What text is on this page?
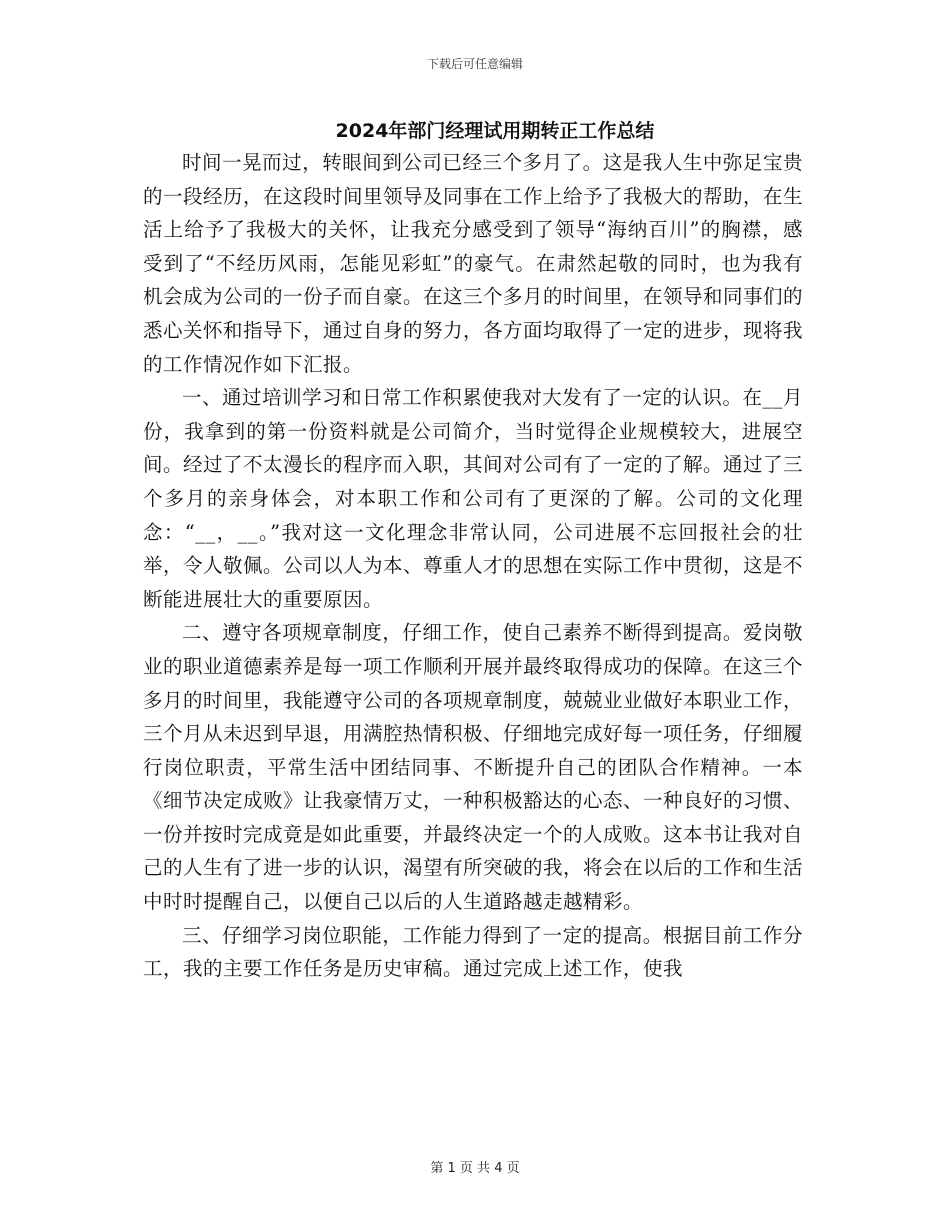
下载后可任意编辑
2024年部门经理试用期转正工作总结

时间一晃而过，转眼间到公司已经三个多月了。这是我人生中弥足宝贵的一段经历，在这段时间里领导及同事在工作上给予了我极大的帮助，在生活上给予了我极大的关怀，让我充分感受到了领导“海纳百川”的胸襟，感受到了“不经历风雨，怎能见彩虹”的豪气。在肃然起敬的同时，也为我有机会成为公司的一份子而自豪。在这三个多月的时间里，在领导和同事们的悉心关怀和指导下，通过自身的努力，各方面均取得了一定的进步，现将我的工作情况作如下汇报。

一、通过培训学习和日常工作积累使我对大发有了一定的认识。在__月份，我拿到的第一份资料就是公司简介，当时觉得企业规模较大，进展空间。经过了不太漫长的程序而入职，其间对公司有了一定的了解。通过了三个多月的亲身体会，对本职工作和公司有了更深的了解。公司的文化理念：“__，__。”我对这一文化理念非常认同，公司进展不忘回报社会的壮举，令人敬佩。公司以人为本、尊重人才的思想在实际工作中贯彻，这是不断能进展壮大的重要原因。

二、遵守各项规章制度，仔细工作，使自己素养不断得到提高。爱岗敬业的职业道德素养是每一项工作顺利开展并最终取得成功的保障。在这三个多月的时间里，我能遵守公司的各项规章制度，兢兢业业做好本职业工作，三个月从未迟到早退，用满腔热情积极、仔细地完成好每一项任务，仔细履行岗位职责，平常生活中团结同事、不断提升自己的团队合作精神。一本《细节决定成败》让我豪情万丈，一种积极豁达的心态、一种良好的习惯、一份并按时完成竟是如此重要，并最终决定一个的人成败。这本书让我对自己的人生有了进一步的认识，渴望有所突破的我，将会在以后的工作和生活中时时提醒自己，以便自己以后的人生道路越走越精彩。

三、仔细学习岗位职能，工作能力得到了一定的提高。根据目前工作分工，我的主要工作任务是历史审稿。通过完成上述工作，使我

第 1 页 共 4 页
